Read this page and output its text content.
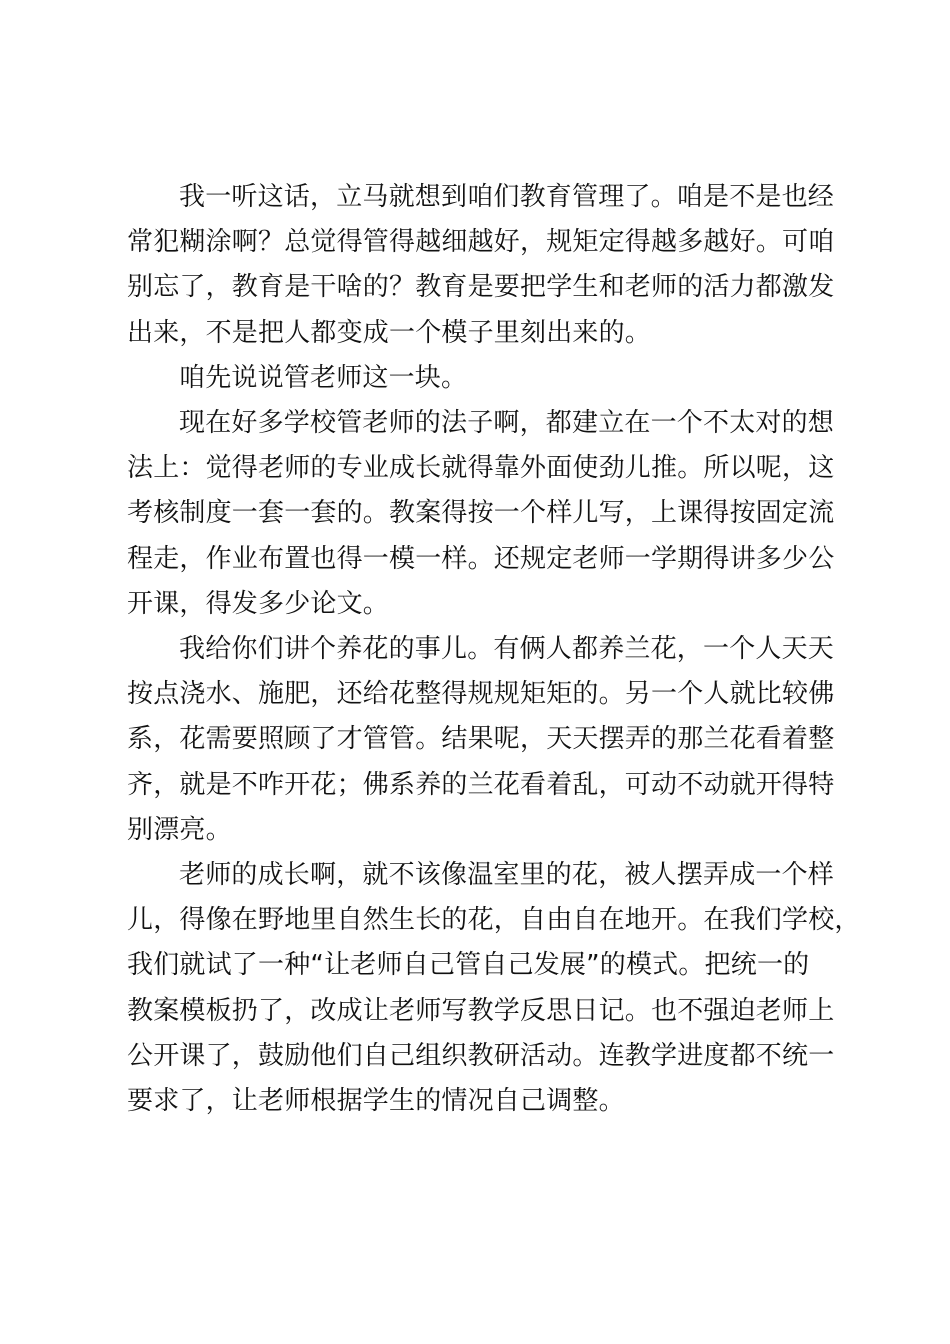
我一听这话，立马就想到咱们教育管理了。咱是不是也经
常犯糊涂啊？总觉得管得越细越好，规矩定得越多越好。可咱
别忘了，教育是干啥的？教育是要把学生和老师的活力都激发
出来，不是把人都变成一个模子里刻出来的。

咱先说说管老师这一块。

现在好多学校管老师的法子啊，都建立在一个不太对的想
法上：觉得老师的专业成长就得靠外面使劲儿推。所以呢，这
考核制度一套一套的。教案得按一个样儿写，上课得按固定流
程走，作业布置也得一模一样。还规定老师一学期得讲多少公
开课，得发多少论文。

我给你们讲个养花的事儿。有俩人都养兰花，一个人天天
按点浇水、施肥，还给花整得规规矩矩的。另一个人就比较佛
系，花需要照顾了才管管。结果呢，天天摆弄的那兰花看着整
齐，就是不咋开花；佛系养的兰花看着乱，可动不动就开得特
别漂亮。

老师的成长啊，就不该像温室里的花，被人摆弄成一个样
儿，得像在野地里自然生长的花，自由自在地开。在我们学校，
我们就试了一种“让老师自己管自己发展”的模式。把统一的
教案模板扔了，改成让老师写教学反思日记。也不强迫老师上
公开课了，鼓励他们自己组织教研活动。连教学进度都不统一
要求了，让老师根据学生的情况自己调整。
